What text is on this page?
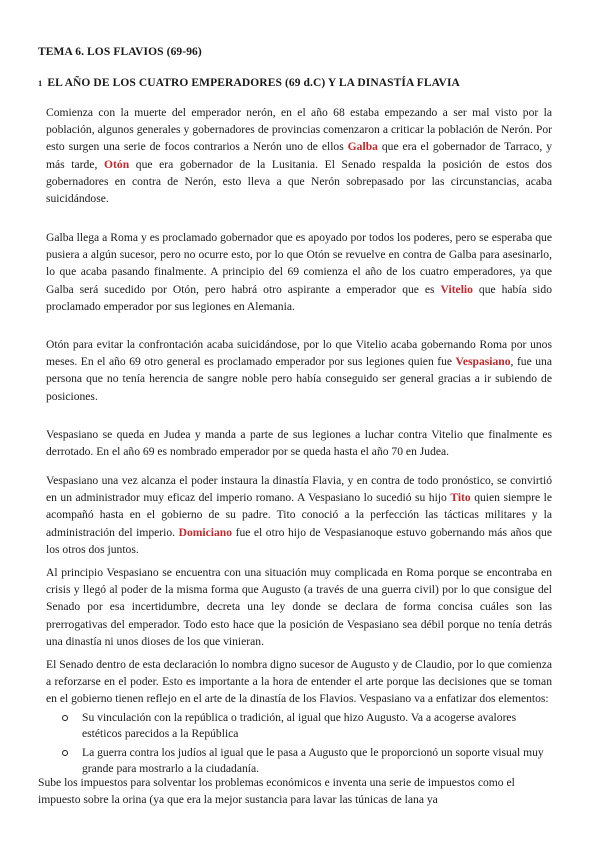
TEMA 6. LOS FLAVIOS (69-96)
1 EL AÑO DE LOS CUATRO EMPERADORES (69 d.C) Y LA DINASTÍA FLAVIA

Comienza con la muerte del emperador nerón, en el año 68 estaba empezando a ser mal visto por la población, algunos generales y gobernadores de provincias comenzaron a criticar la población de Nerón. Por esto surgen una serie de focos contrarios a Nerón uno de ellos Galba que era el gobernador de Tarraco, y más tarde, Otón que era gobernador de la Lusitania. El Senado respalda la posición de estos dos gobernadores en contra de Nerón, esto lleva a que Nerón sobrepasado por las circunstancias, acaba suicidándose.

Galba llega a Roma y es proclamado gobernador que es apoyado por todos los poderes, pero se esperaba que pusiera a algún sucesor, pero no ocurre esto, por lo que Otón se revuelve en contra de Galba para asesinarlo, lo que acaba pasando finalmente. A principio del 69 comienza el año de los cuatro emperadores, ya que Galba será sucedido por Otón, pero habrá otro aspirante a emperador que es Vitelio que había sido proclamado emperador por sus legiones en Alemania.

Otón para evitar la confrontación acaba suicidándose, por lo que Vitelio acaba gobernando Roma por unos meses. En el año 69 otro general es proclamado emperador por sus legiones quien fue Vespasiano, fue una persona que no tenía herencia de sangre noble pero había conseguido ser general gracias a ir subiendo de posiciones.

Vespasiano se queda en Judea y manda a parte de sus legiones a luchar contra Vitelio que finalmente es derrotado. En el año 69 es nombrado emperador por se queda hasta el año 70 en Judea.

Vespasiano una vez alcanza el poder instaura la dinastía Flavia, y en contra de todo pronóstico, se convirtió en un administrador muy eficaz del imperio romano. A Vespasiano lo sucedió su hijo Tito quien siempre le acompañó hasta en el gobierno de su padre. Tito conoció a la perfección las tácticas militares y la administración del imperio. Domiciano fue el otro hijo de Vespasianoque estuvo gobernando más años que los otros dos juntos.

Al principio Vespasiano se encuentra con una situación muy complicada en Roma porque se encontraba en crisis y llegó al poder de la misma forma que Augusto (a través de una guerra civil) por lo que consigue del Senado por esa incertidumbre, decreta una ley donde se declara de forma concisa cuáles son las prerrogativas del emperador. Todo esto hace que la posición de Vespasiano sea débil porque no tenía detrás una dinastía ni unos dioses de los que vinieran.

El Senado dentro de esta declaración lo nombra digno sucesor de Augusto y de Claudio, por lo que comienza a reforzarse en el poder. Esto es importante a la hora de entender el arte porque las decisiones que se toman en el gobierno tienen reflejo en el arte de la dinastía de los Flavios. Vespasiano va a enfatizar dos elementos:

Su vinculación con la república o tradición, al igual que hizo Augusto. Va a acogerse avalores estéticos parecidos a la República
La guerra contra los judíos al igual que le pasa a Augusto que le proporcionó un soporte visual muy grande para mostrarlo a la ciudadanía.

Sube los impuestos para solventar los problemas económicos e inventa una serie de impuestos como el impuesto sobre la orina (ya que era la mejor sustancia para lavar las túnicas de lana ya
